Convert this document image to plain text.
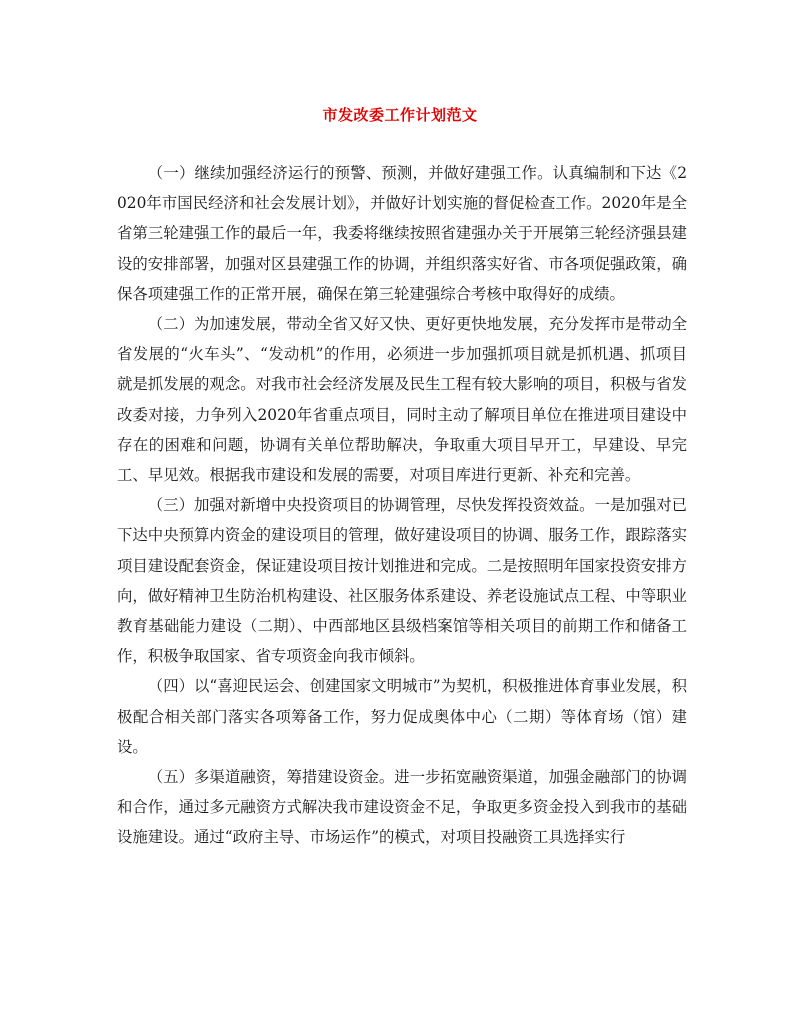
市发改委工作计划范文

（一）继续加强经济运行的预警、预测，并做好建强工作。认真编制和下达《2020年市国民经济和社会发展计划》，并做好计划实施的督促检查工作。2020年是全省第三轮建强工作的最后一年，我委将继续按照省建强办关于开展第三轮经济强县建设的安排部署，加强对区县建强工作的协调，并组织落实好省、市各项促强政策，确保各项建强工作的正常开展，确保在第三轮建强综合考核中取得好的成绩。

（二）为加速发展，带动全省又好又快、更好更快地发展，充分发挥市是带动全省发展的“火车头”、“发动机”的作用，必须进一步加强抓项目就是抓机遇、抓项目就是抓发展的观念。对我市社会经济发展及民生工程有较大影响的项目，积极与省发改委对接，力争列入2020年省重点项目，同时主动了解项目单位在推进项目建设中存在的困难和问题，协调有关单位帮助解决，争取重大项目早开工，早建设、早完工、早见效。根据我市建设和发展的需要，对项目库进行更新、补充和完善。

（三）加强对新增中央投资项目的协调管理，尽快发挥投资效益。一是加强对已下达中央预算内资金的建设项目的管理，做好建设项目的协调、服务工作，跟踪落实项目建设配套资金，保证建设项目按计划推进和完成。二是按照明年国家投资安排方向，做好精神卫生防治机构建设、社区服务体系建设、养老设施试点工程、中等职业教育基础能力建设（二期）、中西部地区县级档案馆等相关项目的前期工作和储备工作，积极争取国家、省专项资金向我市倾斜。

（四）以“喜迎民运会、创建国家文明城市”为契机，积极推进体育事业发展，积极配合相关部门落实各项筹备工作，努力促成奥体中心（二期）等体育场（馆）建设。

（五）多渠道融资，筹措建设资金。进一步拓宽融资渠道，加强金融部门的协调和合作，通过多元融资方式解决我市建设资金不足，争取更多资金投入到我市的基础设施建设。通过“政府主导、市场运作”的模式，对项目投融资工具选择实行
